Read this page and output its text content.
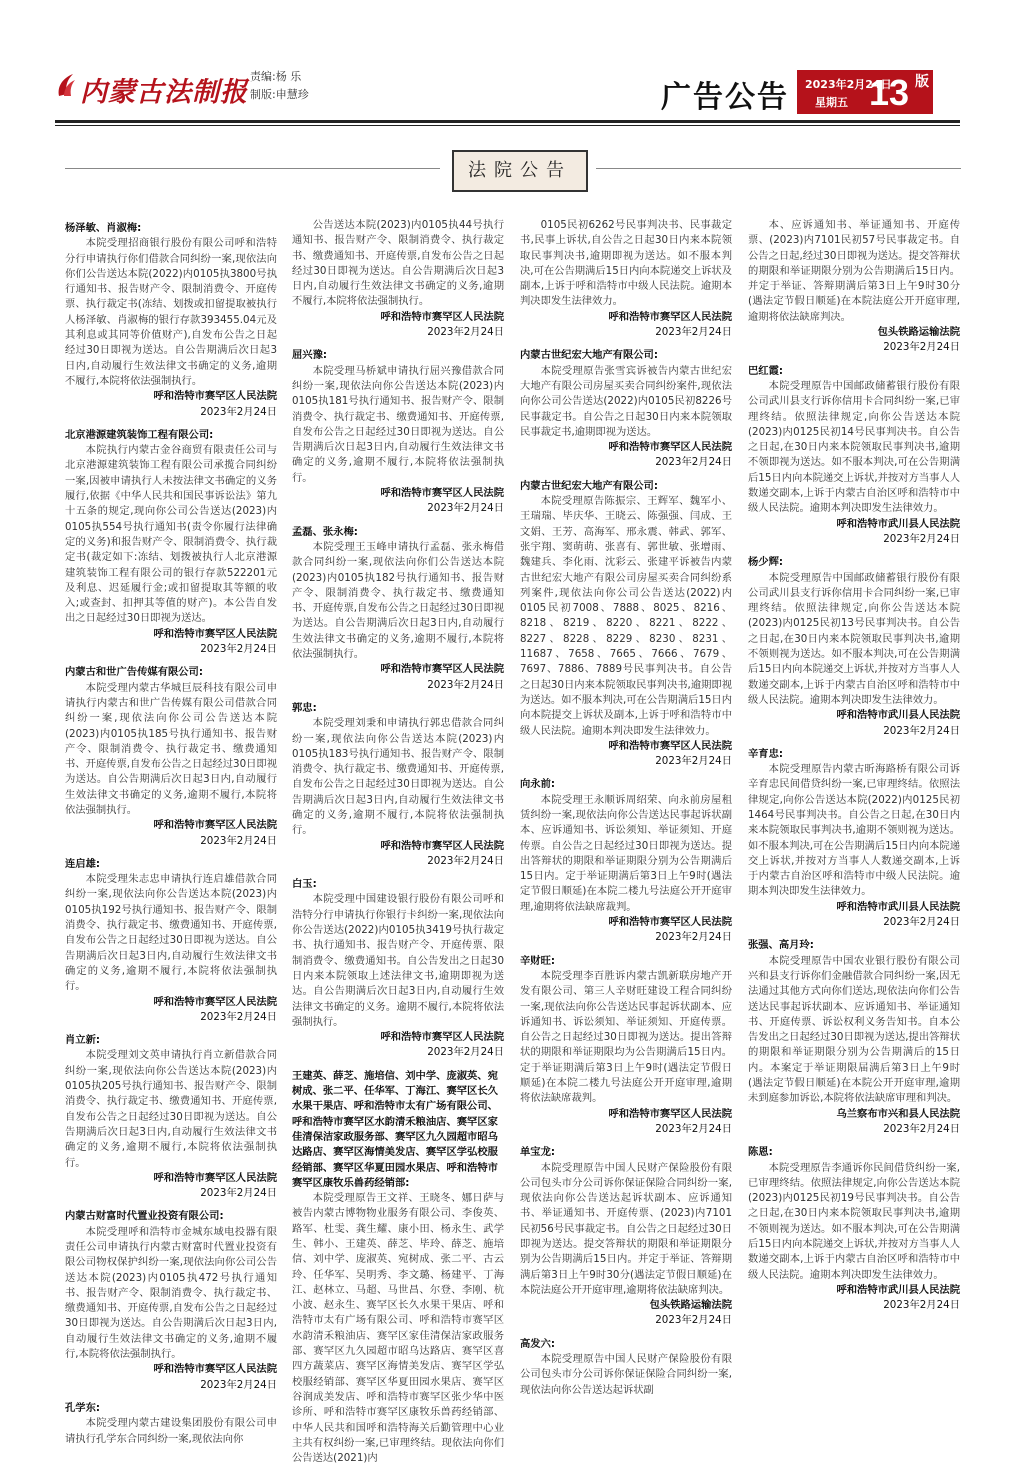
内蒙古法制报
责编:杨 乐
制版:申慧珍	广告公告 2023年2月24日
星期五 13 版
法院公告
杨泽敏、肖淑梅:
本院受理招商银行股份有限公司呼和浩特分行申请执行你们借款合同纠纷一案,现依法向你们公告送达本院(2022)内0105执3800号执行通知书、报告财产令、限制消费令、开庭传票、执行裁定书(冻结、划拨或扣留提取被执行人杨泽敏、肖淑梅的银行存款393455.04元及其利息或其同等价值财产),自发布公告之日起经过30日即视为送达。自公告期满后次日起3日内,自动履行生效法律文书确定的义务,逾期不履行,本院将依法强制执行。
呼和浩特市赛罕区人民法院
2023年2月24日
北京港源建筑装饰工程有限公司:
本院执行内蒙古金谷商贸有限责任公司与北京港源建筑装饰工程有限公司承揽合同纠纷一案,因被申请执行人未按法律文书确定的义务履行,依据《中华人民共和国民事诉讼法》第九十五条的规定,现向你公司公告送达(2023)内0105执554号执行通知书(责令你履行法律确定的义务)和报告财产令、限制消费令、执行裁定书(裁定如下:冻结、划拨被执行人北京港源建筑装饰工程有限公司的银行存款522201元及利息、迟延履行金;或扣留提取其等额的收入;或查封、扣押其等值的财产)。本公告自发出之日起经过30日即视为送达。
呼和浩特市赛罕区人民法院
2023年2月24日
内蒙古和世广告传媒有限公司:
本院受理内蒙古华城巨辰科技有限公司申请执行内蒙古和世广告传媒有限公司借款合同纠纷一案,现依法向你公司公告送达本院(2023)内0105执185号执行通知书、报告财产令、限制消费令、执行裁定书、缴费通知书、开庭传票,自发布公告之日起经过30日即视为送达。自公告期满后次日起3日内,自动履行生效法律文书确定的义务,逾期不履行,本院将依法强制执行。
呼和浩特市赛罕区人民法院
2023年2月24日
连启雄:
本院受理朱志忠申请执行连启雄借款合同纠纷一案,现依法向你公告送达本院(2023)内0105执192号执行通知书、报告财产令、限制消费令、执行裁定书、缴费通知书、开庭传票,自发布公告之日起经过30日即视为送达。自公告期满后次日起3日内,自动履行生效法律文书确定的义务,逾期不履行,本院将依法强制执行。
呼和浩特市赛罕区人民法院
2023年2月24日
肖立新:
本院受理刘文英申请执行肖立新借款合同纠纷一案,现依法向你公告送达本院(2023)内0105执205号执行通知书、报告财产令、限制消费令、执行裁定书、缴费通知书、开庭传票,自发布公告之日起经过30日即视为送达。自公告期满后次日起3日内,自动履行生效法律文书确定的义务,逾期不履行,本院将依法强制执行。
呼和浩特市赛罕区人民法院
2023年2月24日
内蒙古财富时代置业投资有限公司:
本院受理呼和浩特市金城东域电投器有限责任公司申请执行内蒙古财富时代置业投资有限公司物权保护纠纷一案,现依法向你公司公告送达本院(2023)内0105执472号执行通知书、报告财产令、限制消费令、执行裁定书、缴费通知书、开庭传票,自发布公告之日起经过30日即视为送达。自公告期满后次日起3日内,自动履行生效法律文书确定的义务,逾期不履行,本院将依法强制执行。
呼和浩特市赛罕区人民法院
2023年2月24日
孔学东:
本院受理内蒙古建设集团股份有限公司申请执行孔学东合同纠纷一案,现依法向你
公告送达本院(2023)内0105执44号执行通知书、报告财产令、限制消费令、执行裁定书、缴费通知书、开庭传票,自发布公告之日起经过30日即视为送达。自公告期满后次日起3日内,自动履行生效法律文书确定的义务,逾期不履行,本院将依法强制执行。
呼和浩特市赛罕区人民法院
2023年2月24日
屈兴豫:
本院受理马桥斌申请执行屈兴豫借款合同纠纷一案,现依法向你公告送达本院(2023)内0105执181号执行通知书、报告财产令、限制消费令、执行裁定书、缴费通知书、开庭传票,自发布公告之日起经过30日即视为送达。自公告期满后次日起3日内,自动履行生效法律文书确定的义务,逾期不履行,本院将依法强制执行。
呼和浩特市赛罕区人民法院
2023年2月24日
孟磊、张永梅:
本院受理王玉峰申请执行孟磊、张永梅借款合同纠纷一案,现依法向你们公告送达本院(2023)内0105执182号执行通知书、报告财产令、限制消费令、执行裁定书、缴费通知书、开庭传票,自发布公告之日起经过30日即视为送达。自公告期满后次日起3日内,自动履行生效法律文书确定的义务,逾期不履行,本院将依法强制执行。
呼和浩特市赛罕区人民法院
2023年2月24日
郭忠:
本院受理刘秉和申请执行郭忠借款合同纠纷一案,现依法向你公告送达本院(2023)内0105执183号执行通知书、报告财产令、限制消费令、执行裁定书、缴费通知书、开庭传票,自发布公告之日起经过30日即视为送达。自公告期满后次日起3日内,自动履行生效法律文书确定的义务,逾期不履行,本院将依法强制执行。
呼和浩特市赛罕区人民法院
2023年2月24日
白玉:
本院受理中国建设银行股份有限公司呼和浩特分行申请执行你银行卡纠纷一案,现依法向你公告送达(2022)内0105执3419号执行裁定书、执行通知书、报告财产令、开庭传票、限制消费令、缴费通知书。自公告发出之日起30日内来本院领取上述法律文书,逾期即视为送达。自公告期满后次日起3日内,自动履行生效法律文书确定的义务。逾期不履行,本院将依法强制执行。
呼和浩特市赛罕区人民法院
2023年2月24日
王建英、薛芝、施培信、刘中学、庞淑英、宛树成、张二平、任华军、丁海江、赛罕区长久水果干果店、呼和浩特市太有广场有限公司、呼和浩特市赛罕区水韵清禾粮油店、赛罕区家佳清保洁家政服务部、赛罕区九久园超市昭乌达路店、赛罕区海情美发店、赛罕区学弘校服经销部、赛罕区华夏田园水果店、呼和浩特市赛罕区康牧乐兽药经销部:
本院受理原告王文祥、王晓冬、娜日萨与被告内蒙古博物物业服务有限公司、李俊英、路军、杜雯、龚生耀、康小田、杨永生、武学生、韩小、王建英、薛芝、毕玲、薛芝、施培信、刘中学、庞淑英、宛树成、张二平、古云玲、任华军、吴明秀、李文璐、杨建平、丁海江、赵林立、马超、马世昌、尔登、李刚、杭小波、赵永生、赛罕区长久水果干果店、呼和浩特市太有广场有限公司、呼和浩特市赛罕区水韵清禾粮油店、赛罕区家佳清保洁家政服务部、赛罕区九久园超市昭乌达路店、赛罕区喜四方蔬菜店、赛罕区海情美发店、赛罕区学弘校服经销部、赛罕区华夏田园水果店、赛罕区谷润成美发店、呼和浩特市赛罕区张少华中医诊所、呼和浩特市赛罕区康牧乐兽药经销部、中华人民共和国呼和浩特海关后勤管理中心业主共有权纠纷一案,已审理终结。现依法向你们公告送达(2021)内
0105民初6262号民事判决书、民事裁定书,民事上诉状,自公告之日起30日内来本院领取民事判决书,逾期即视为送达。如不服本判决,可在公告期满后15日内向本院递交上诉状及副本,上诉于呼和浩特市中级人民法院。逾期本判决即发生法律效力。
呼和浩特市赛罕区人民法院
2023年2月24日
内蒙古世纪宏大地产有限公司:
本院受理原告张雪宾诉被告内蒙古世纪宏大地产有限公司房屋买卖合同纠纷案件,现依法向你公司公告送达(2022)内0105民初8226号民事裁定书。自公告之日起30日内来本院领取民事裁定书,逾期即视为送达。
呼和浩特市赛罕区人民法院
2023年2月24日
内蒙古世纪宏大地产有限公司:
本院受理原告陈振宗、王辉军、魏军小、王瑞瑞、毕庆华、王晓云、陈强强、闫成、王文娟、王芳、高海军、邢永震、韩武、郭军、张宇翔、窦萌萌、张喜有、郭世敏、张增雨、魏建兵、李化雨、沈彩云、张建平诉被告内蒙古世纪宏大地产有限公司房屋买卖合同纠纷系列案件,现依法向你公司公告送达(2022)内0105民初7008、7888、8025、8216、8218、8219、8220、8221、8222、8227、8228、8229、8230、8231、11687、7658、7665、7666、7679、7697、7886、7889号民事判决书。自公告之日起30日内来本院领取民事判决书,逾期即视为送达。如不服本判决,可在公告期满后15日内向本院提交上诉状及副本,上诉于呼和浩特市中级人民法院。逾期本判决即发生法律效力。
呼和浩特市赛罕区人民法院
2023年2月24日
向永前:
本院受理王永顺诉周绍荣、向永前房屋租赁纠纷一案,现依法向你公告送达民事起诉状副本、应诉通知书、诉讼须知、举证须知、开庭传票。自公告之日起经过30日即视为送达。提出答辩状的期限和举证期限分别为公告期满后15日内。定于举证期满后第3日上午9时(遇法定节假日顺延)在本院二楼九号法庭公开开庭审理,逾期将依法缺席裁判。
呼和浩特市赛罕区人民法院
2023年2月24日
辛财旺:
本院受理李百胜诉内蒙古凯新联房地产开发有限公司、第三人辛财旺建设工程合同纠纷一案,现依法向你公告送达民事起诉状副本、应诉通知书、诉讼须知、举证须知、开庭传票。自公告之日起经过30日即视为送达。提出答辩状的期限和举证期限均为公告期满后15日内。定于举证期满后第3日上午9时(遇法定节假日顺延)在本院二楼九号法庭公开开庭审理,逾期将依法缺席裁判。
呼和浩特市赛罕区人民法院
2023年2月24日
单宝龙:
本院受理原告中国人民财产保险股份有限公司包头市分公司诉你保证保险合同纠纷一案,现依法向你公告送达起诉状副本、应诉通知书、举证通知书、开庭传票、(2023)内7101民初56号民事裁定书。自公告之日起经过30日即视为送达。提交答辩状的期限和举证期限分别为公告期满后15日内。并定于举证、答辩期满后第3日上午9时30分(遇法定节假日顺延)在本院法庭公开开庭审理,逾期将依法缺席判决。
包头铁路运输法院
2023年2月24日
高发六:
本院受理原告中国人民财产保险股份有限公司包头市分公司诉你保证保险合同纠纷一案,现依法向你公告送达起诉状副
本、应诉通知书、举证通知书、开庭传票、(2023)内7101民初57号民事裁定书。自公告之日起,经过30日即视为送达。提交答辩状的期限和举证期限分别为公告期满后15日内。并定于举证、答辩期满后第3日上午9时30分(遇法定节假日顺延)在本院法庭公开开庭审理,逾期将依法缺席判决。
包头铁路运输法院
2023年2月24日
巴红霞:
本院受理原告中国邮政储蓄银行股份有限公司武川县支行诉你信用卡合同纠纷一案,已审理终结。依照法律规定,向你公告送达本院(2023)内0125民初14号民事判决书。自公告之日起,在30日内来本院领取民事判决书,逾期不领即视为送达。如不服本判决,可在公告期满后15日内向本院递交上诉状,并按对方当事人人数递交副本,上诉于内蒙古自治区呼和浩特市中级人民法院。逾期本判决即发生法律效力。
呼和浩特市武川县人民法院
2023年2月24日
杨少辉:
本院受理原告中国邮政储蓄银行股份有限公司武川县支行诉你信用卡合同纠纷一案,已审理终结。依照法律规定,向你公告送达本院(2023)内0125民初13号民事判决书。自公告之日起,在30日内来本院领取民事判决书,逾期不领则视为送达。如不服本判决,可在公告期满后15日内向本院递交上诉状,并按对方当事人人数递交副本,上诉于内蒙古自治区呼和浩特市中级人民法院。逾期本判决即发生法律效力。
呼和浩特市武川县人民法院
2023年2月24日
辛育忠:
本院受理原告内蒙古昕海路桥有限公司诉辛育忠民间借贷纠纷一案,已审理终结。依照法律规定,向你公告送达本院(2022)内0125民初1464号民事判决书。自公告之日起,在30日内来本院领取民事判决书,逾期不领则视为送达。如不服本判决,可在公告期满后15日内向本院递交上诉状,并按对方当事人人数递交副本,上诉于内蒙古自治区呼和浩特市中级人民法院。逾期本判决即发生法律效力。
呼和浩特市武川县人民法院
2023年2月24日
张强、高月玲:
本院受理原告中国农业银行股份有限公司兴和县支行诉你们金融借款合同纠纷一案,因无法通过其他方式向你们送达,现依法向你们公告送达民事起诉状副本、应诉通知书、举证通知书、开庭传票、诉讼权利义务告知书。自本公告发出之日起经过30日即视为送达,提出答辩状的期限和举证期限分别为公告期满后的15日内。本案定于举证期限届满后第3日上午9时(遇法定节假日顺延)在本院公开开庭审理,逾期未到庭参加诉讼,本院将依法缺席审理和判决。
乌兰察布市兴和县人民法院
2023年2月24日
陈恩:
本院受理原告李通诉你民间借贷纠纷一案,已审理终结。依照法律规定,向你公告送达本院(2023)内0125民初19号民事判决书。自公告之日起,在30日内来本院领取民事判决书,逾期不领则视为送达。如不服本判决,可在公告期满后15日内向本院递交上诉状,并按对方当事人人数递交副本,上诉于内蒙古自治区呼和浩特市中级人民法院。逾期本判决即发生法律效力。
呼和浩特市武川县人民法院
2023年2月24日
